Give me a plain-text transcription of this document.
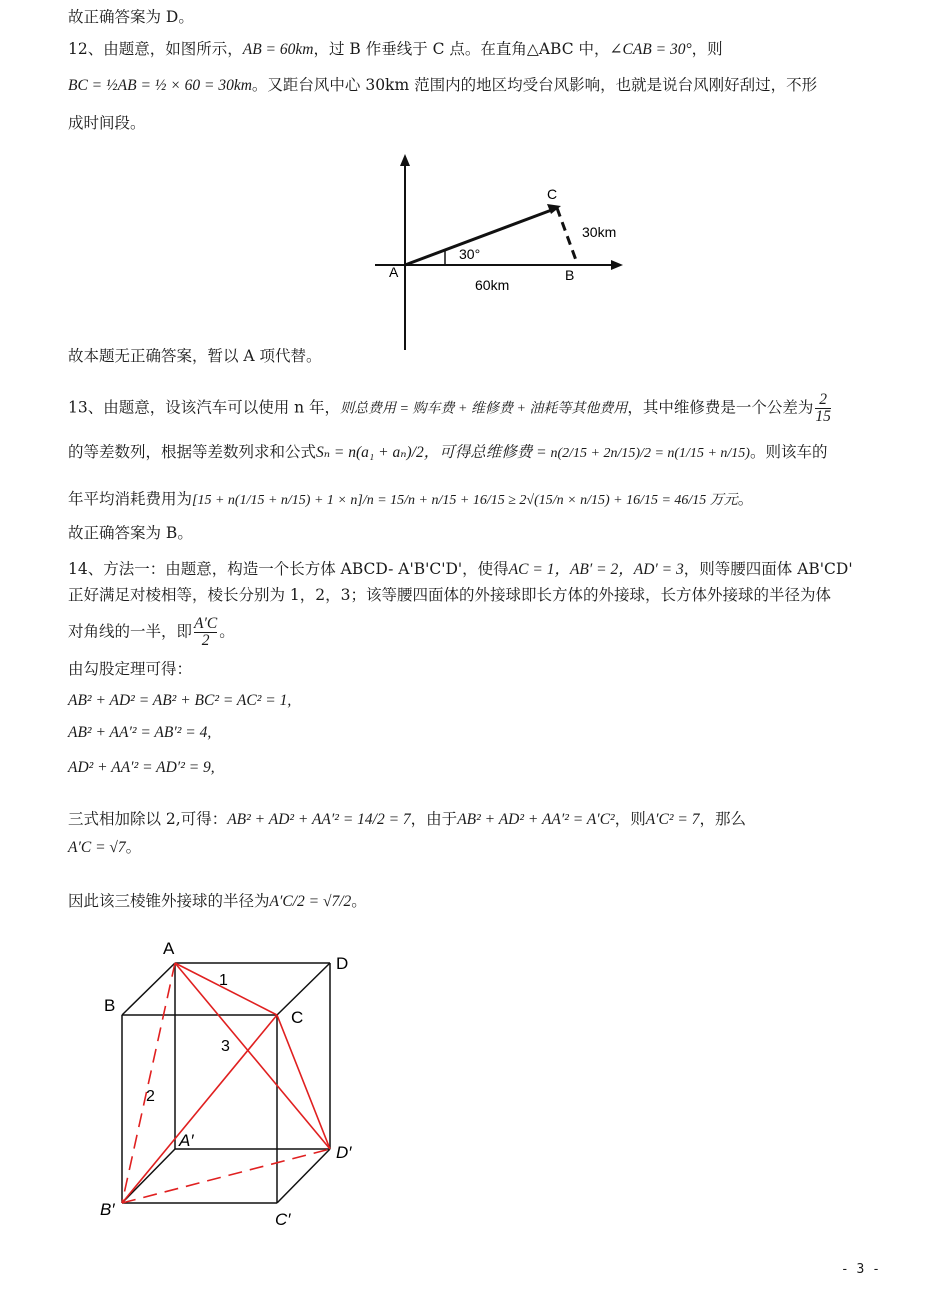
故正确答案为 D。
12、由题意，如图所示，AB = 60km，过 B 作垂线于 C 点。在直角△ABC 中，∠CAB = 30°，则
BC = ½AB = ½ × 60 = 30km。又距台风中心 30km 范围内的地区均受台风影响，也就是说台风刚好刮过，不形
成时间段。
A	B
C
30°
60km
30km
故本题无正确答案，暂以 A 项代替。
13、由题意，设该汽车可以使用 n 年，则总费用 = 购车费 + 维修费 + 油耗等其他费用，其中维修费是一个公差为 $\frac{2}{15}$
的等差数列，根据等差数列求和公式Sₙ = n(a₁ + aₙ)/2，可得总维修费 = n(2/15 + 2n/15)/2 = n(1/15 + n/15)。则该车的
年平均消耗费用为[15 + n(1/15 + n/15) + 1 × n]/n = 15/n + n/15 + 16/15 ≥ 2√(15/n × n/15) + 16/15 = 46/15 万元。
故正确答案为 B。
14、方法一：由题意，构造一个长方体 ABCD- A'B'C'D'，使得AC = 1，AB′ = 2，AD′ = 3，则等腰四面体 AB'CD'
正好满足对棱相等，棱长分别为 1，2，3；该等腰四面体的外接球即长方体的外接球，长方体外接球的半径为体
对角线的一半，即 $\frac{A'C}{2}$ 。
由勾股定理可得：
AB² + AD² = AB² + BC² = AC² = 1,
AB² + AA′² = AB′² = 4,
AD² + AA′² = AD′² = 9,
三式相加除以 2,可得：AB² + AD² + AA′² = 14/2 = 7，由于AB² + AD² + AA′² = A′C²，则A′C² = 7，那么
A′C = √7。
因此该三棱锥外接球的半径为A′C/2 = √7/2。
A
D
B
C
A′
D′
B′
C′
1
2
3
- 3 -
